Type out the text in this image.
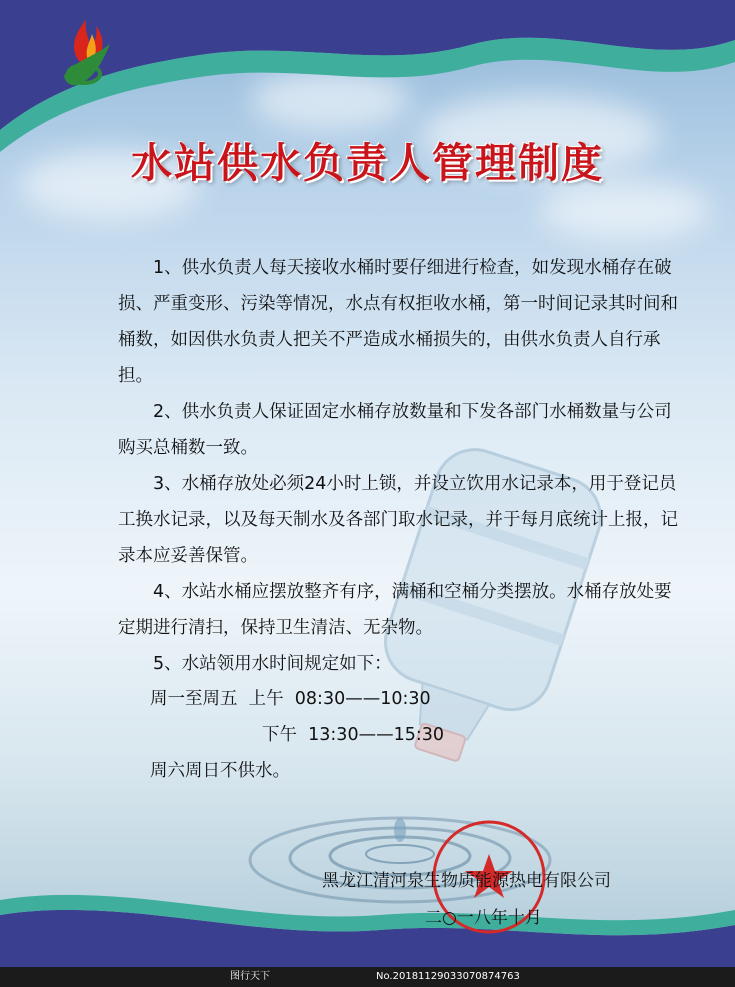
水站供水负责人管理制度

1、供水负责人每天接收水桶时要仔细进行检查，如发现水桶存在破损、严重变形、污染等情况，水点有权拒收水桶，第一时间记录其时间和桶数，如因供水负责人把关不严造成水桶损失的，由供水负责人自行承担。

2、供水负责人保证固定水桶存放数量和下发各部门水桶数量与公司购买总桶数一致。

3、水桶存放处必须24小时上锁，并设立饮用水记录本，用于登记员工换水记录，以及每天制水及各部门取水记录，并于每月底统计上报，记录本应妥善保管。

4、水站水桶应摆放整齐有序，满桶和空桶分类摆放。水桶存放处要定期进行清扫，保持卫生清洁、无杂物。

5、水站领用水时间规定如下：

周一至周五 上午 08:30——10:30
下午 13:30——15:30
周六周日不供水。
黑龙江清河泉生物质能源热电有限公司
二○一八年十月
图行天下	No.20181129033070874763
